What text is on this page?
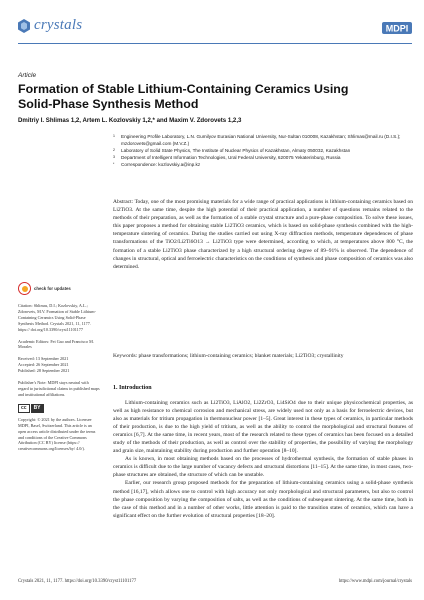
crystals	MDPI
Article
Formation of Stable Lithium-Containing Ceramics Using Solid-Phase Synthesis Method
Dmitriy I. Shlimas 1,2, Artem L. Kozlovskiy 1,2,* and Maxim V. Zdorovets 1,2,3
1 Engineering Profile Laboratory, L.N. Gumilyov Eurasian National University, Nur-Sultan 010008, Kazakhstan; Shlimas@mail.ru (D.I.S.); mzdorovets@gmail.com (M.V.Z.)
2 Laboratory of Solid State Physics, The Institute of Nuclear Physics of Kazakhstan, Almaty 050032, Kazakhstan
3 Department of Intelligent Information Technologies, Ural Federal University, 620075 Yekaterinburg, Russia
* Correspondence: kozlovskiy.a@inp.kz

Abstract: Today, one of the most promising materials for a wide range of practical applications is lithium-containing ceramics based on Li2TiO3. At the same time, despite the high potential of their practical application, a number of questions remains related to the methods of their preparation, as well as the formation of a stable crystal structure and a pure-phase composition. To solve these issues, this paper proposes a method for obtaining stable Li2TiO3 ceramics, which is based on solid-phase synthesis combined with the high-temperature sintering of ceramics. During the studies carried out using X-ray diffraction methods, temperature dependences of phase transformations of the TiO2/Li2Ti6O13 → Li2TiO3 type were determined, according to which, at temperatures above 800 °C, the formation of a stable Li2TiO3 phase characterized by a high structural ordering degree of 89–91% is observed. The dependence of changes in structural, optical and ferroelectric characteristics on the conditions of synthesis and phase composition of ceramics was also determined.

Keywords: phase transformations; lithium-containing ceramics; blanket materials; Li2TiO3; crystallinity
check for updates
Citation: Shlimas, D.I.; Kozlovskiy, A.L.; Zdorovets, M.V. Formation of Stable Lithium-Containing Ceramics Using Solid-Phase Synthesis Method. Crystals 2021, 11, 1177. https:// doi.org/10.3390/cryst11101177
Academic Editors: Fei Gao and Francisco M. Morales
Received: 13 September 2021
Accepted: 26 September 2021
Published: 28 September 2021
Publisher's Note: MDPI stays neutral with regard to jurisdictional claims in published maps and institutional affiliations.
cc	BY
Copyright: © 2021 by the authors. Licensee MDPI, Basel, Switzerland. This article is an open access article distributed under the terms and conditions of the Creative Commons Attribution (CC BY) license (https:// creativecommons.org/licenses/by/ 4.0/).
1. Introduction

Lithium-containing ceramics such as Li2TiO3, LiAlO2, Li2ZrO3, Li4SiO4 due to their unique physicochemical properties, as well as high resistance to chemical corrosion and mechanical stress, are widely used not only as a basis for ferroelectric devices, but also as materials for tritium propagation in thermonuclear power [1–5]. Great interest in these types of ceramics, in particular methods of their production, is due to the high yield of tritium, as well as the ability to control the morphological and structural features of ceramics [6,7]. At the same time, in recent years, most of the research related to these types of ceramics has been focused on a detailed study of the methods of their production, as well as control over the stability of properties, the possibility of varying the morphology and grain size, maintaining stability during production and further operation [8–10].

As is known, in most obtaining methods based on the processes of hydrothermal synthesis, the formation of stable phases in ceramics is difficult due to the large number of vacancy defects and structural distortions [11–15]. At the same time, in most cases, two-phase structures are obtained, the structure of which can be unstable.

Earlier, our research group proposed methods for the preparation of lithium-containing ceramics using a solid-phase synthesis method [16,17], which allows one to control with high accuracy not only morphological and structural parameters, but also to control the phase composition by varying the composition of salts, as well as the conditions of subsequent sintering. At the same time, both in the case of this method and in a number of other works, little attention is paid to the transition states of ceramics, which can have a significant effect on the further evolution of structural properties [18–20].

Crystals 2021, 11, 1177. https://doi.org/10.3390/cryst11101177	https://www.mdpi.com/journal/crystals
